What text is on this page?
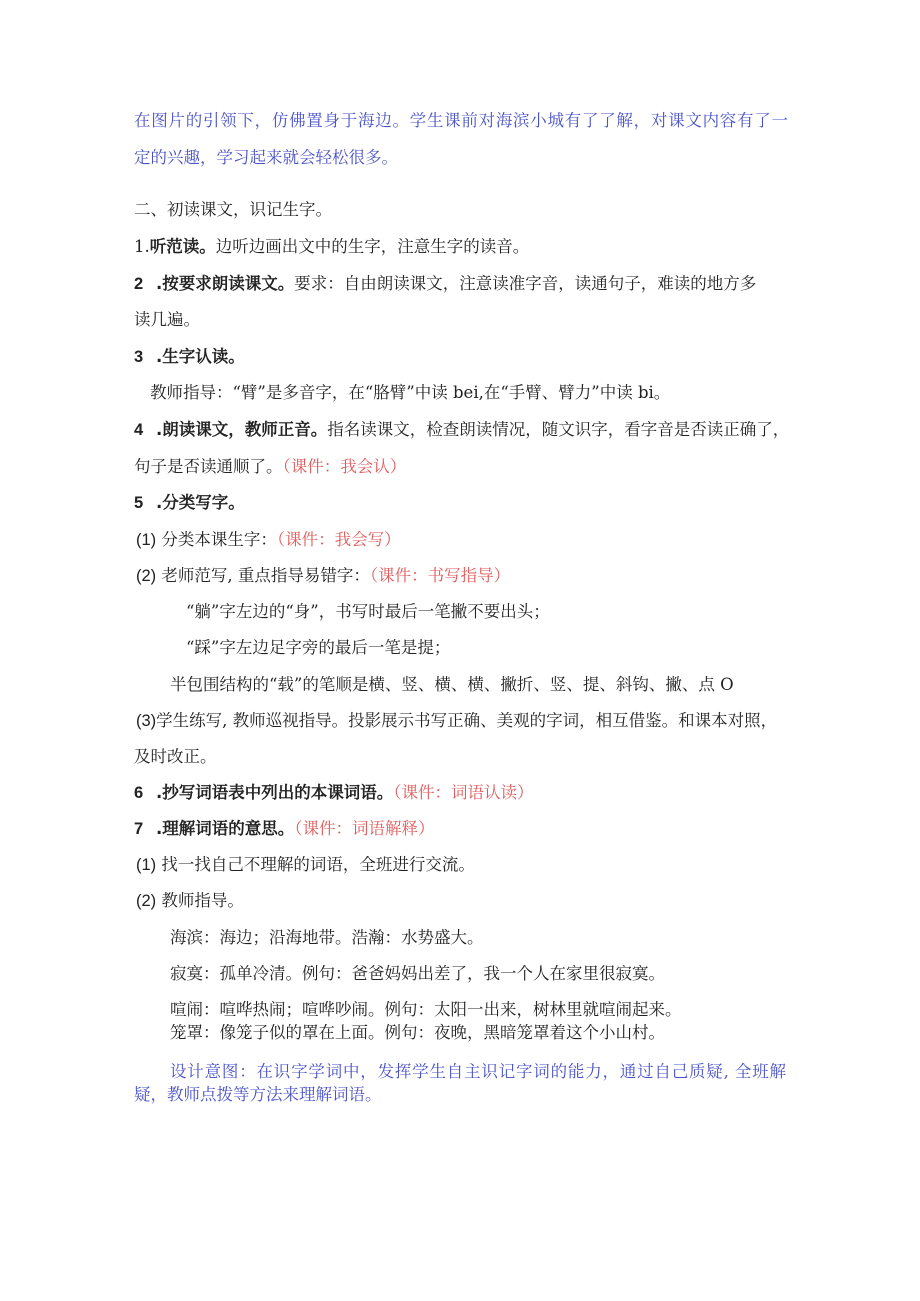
在图片的引领下，仿佛置身于海边。学生课前对海滨小城有了了解，对课文内容有了一
定的兴趣，学习起来就会轻松很多。
二、初读课文，识记生字。
1.听范读。边听边画出文中的生字，注意生字的读音。
2 .按要求朗读课文。要求：自由朗读课文，注意读准字音，读通句子，难读的地方多
读几遍。
3 .生字认读。
教师指导：“臂”是多音字，在“胳臂”中读 bei,在“手臂、臂力”中读 bi。
4 .朗读课文，教师正音。指名读课文，检查朗读情况，随文识字，看字音是否读正确了，
句子是否读通顺了。（课件：我会认）
5 .分类写字。
(1) 分类本课生字：（课件：我会写）
(2) 老师范写, 重点指导易错字：（课件：书写指导）
“躺”字左边的“身”，书写时最后一笔撇不要出头；
“踩”字左边足字旁的最后一笔是提；
半包围结构的“载”的笔顺是横、竖、横、横、撇折、竖、提、斜钩、撇、点 O
(3)学生练写, 教师巡视指导。投影展示书写正确、美观的字词，相互借鉴。和课本对照，
及时改正。
6 .抄写词语表中列出的本课词语。（课件：词语认读）
7 .理解词语的意思。（课件：词语解释）
(1) 找一找自己不理解的词语，全班进行交流。
(2) 教师指导。
海滨：海边；沿海地带。浩瀚：水势盛大。
寂寞：孤单冷清。例句：爸爸妈妈出差了，我一个人在家里很寂寞。
喧闹：喧哗热闹；喧哗吵闹。例句：太阳一出来，树林里就喧闹起来。
笼罩：像笼子似的罩在上面。例句：夜晚，黑暗笼罩着这个小山村。
设计意图：在识字学词中，发挥学生自主识记字词的能力，通过自己质疑, 全班解
疑，教师点拨等方法来理解词语。
